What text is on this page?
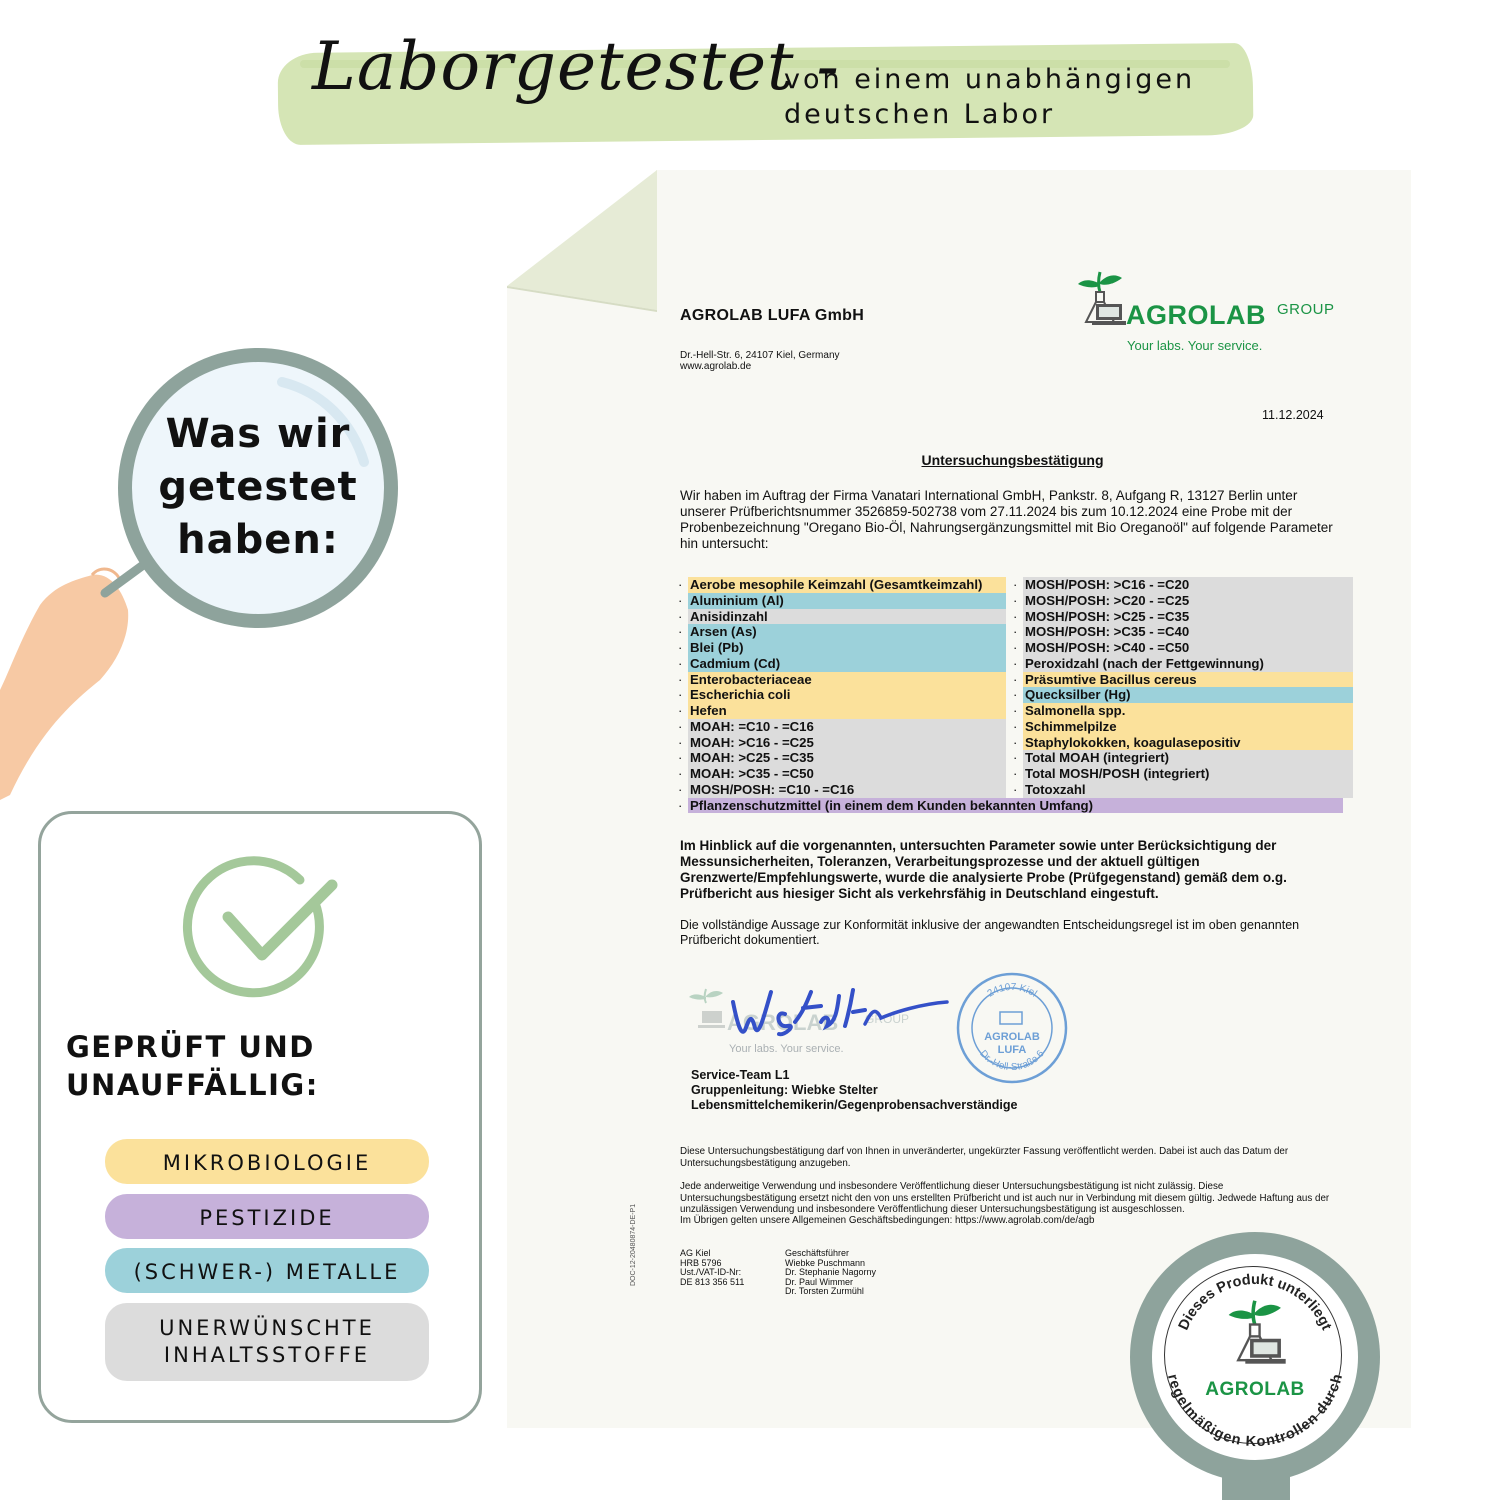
Laborgetestet -
von einem unabhängigen
deutschen Labor
Was wir
getestet
haben:
GEPRÜFT UND
UNAUFFÄLLIG:
MIKROBIOLOGIE
PESTIZIDE
(SCHWER-) METALLE
UNERWÜNSCHTE
INHALTSSTOFFE
AGROLAB LUFA GmbH
Dr.-Hell-Str. 6, 24107 Kiel, Germany
www.agrolab.de
AGROLAB GROUP
Your labs. Your service.
11.12.2024
Untersuchungsbestätigung
Wir haben im Auftrag der Firma Vanatari International GmbH, Pankstr. 8, Aufgang R, 13127 Berlin unter unserer Prüfberichtsnummer 3526859-502738 vom 27.11.2024 bis zum 10.12.2024 eine Probe mit der Probenbezeichnung "Oregano Bio-Öl, Nahrungsergänzungsmittel mit Bio Oreganoöl" auf folgende Parameter hin untersucht:
· Aerobe mesophile Keimzahl (Gesamtkeimzahl)
· Aluminium (Al)
· Anisidinzahl
· Arsen (As)
· Blei (Pb)
· Cadmium (Cd)
· Enterobacteriaceae
· Escherichia coli
· Hefen
· MOAH: =C10 - =C16
· MOAH: >C16 - =C25
· MOAH: >C25 - =C35
· MOAH: >C35 - =C50
· MOSH/POSH: =C10 - =C16
· MOSH/POSH: >C16 - =C20
· MOSH/POSH: >C20 - =C25
· MOSH/POSH: >C25 - =C35
· MOSH/POSH: >C35 - =C40
· MOSH/POSH: >C40 - =C50
· Peroxidzahl (nach der Fettgewinnung)
· Präsumtive Bacillus cereus
· Quecksilber (Hg)
· Salmonella spp.
· Schimmelpilze
· Staphylokokken, koagulasepositiv
· Total MOAH (integriert)
· Total MOSH/POSH (integriert)
· Totoxzahl
· Pflanzenschutzmittel (in einem dem Kunden bekannten Umfang)
Im Hinblick auf die vorgenannten, untersuchten Parameter sowie unter Berücksichtigung der Messunsicherheiten, Toleranzen, Verarbeitungsprozesse und der aktuell gültigen Grenzwerte/Empfehlungswerte, wurde die analysierte Probe (Prüfgegenstand) gemäß dem o.g. Prüfbericht aus hiesiger Sicht als verkehrsfähig in Deutschland eingestuft.
Die vollständige Aussage zur Konformität inklusive der angewandten Entscheidungsregel ist im oben genannten Prüfbericht dokumentiert.
AGROLAB GROUP
Your labs. Your service.
24107 Kiel
Dr.-Hell-Straße 6
AGROLAB
LUFA
Service-Team L1
Gruppenleitung: Wiebke Stelter
Lebensmittelchemikerin/Gegenprobensachverständige
Diese Untersuchungsbestätigung darf von Ihnen in unveränderter, ungekürzter Fassung veröffentlicht werden. Dabei ist auch das Datum der Untersuchungsbestätigung anzugeben.
Jede anderweitige Verwendung und insbesondere Veröffentlichung dieser Untersuchungsbestätigung ist nicht zulässig. Diese Untersuchungsbestätigung ersetzt nicht den von uns erstellten Prüfbericht und ist auch nur in Verbindung mit diesem gültig. Jedwede Haftung aus der unzulässigen Verwendung und insbesondere Veröffentlichung dieser Untersuchungsbestätigung ist ausgeschlossen.
Im Übrigen gelten unsere Allgemeinen Geschäftsbedingungen: https://www.agrolab.com/de/agb
AG Kiel
HRB 5796
Ust./VAT-ID-Nr:
DE 813 356 511
Geschäftsführer
Wiebke Puschmann
Dr. Stephanie Nagorny
Dr. Paul Wimmer
Dr. Torsten Zurmühl
DOC-12-20480874-DE-P1
Dieses Produkt unterliegt
regelmäßigen Kontrollen durch
AGROLAB
